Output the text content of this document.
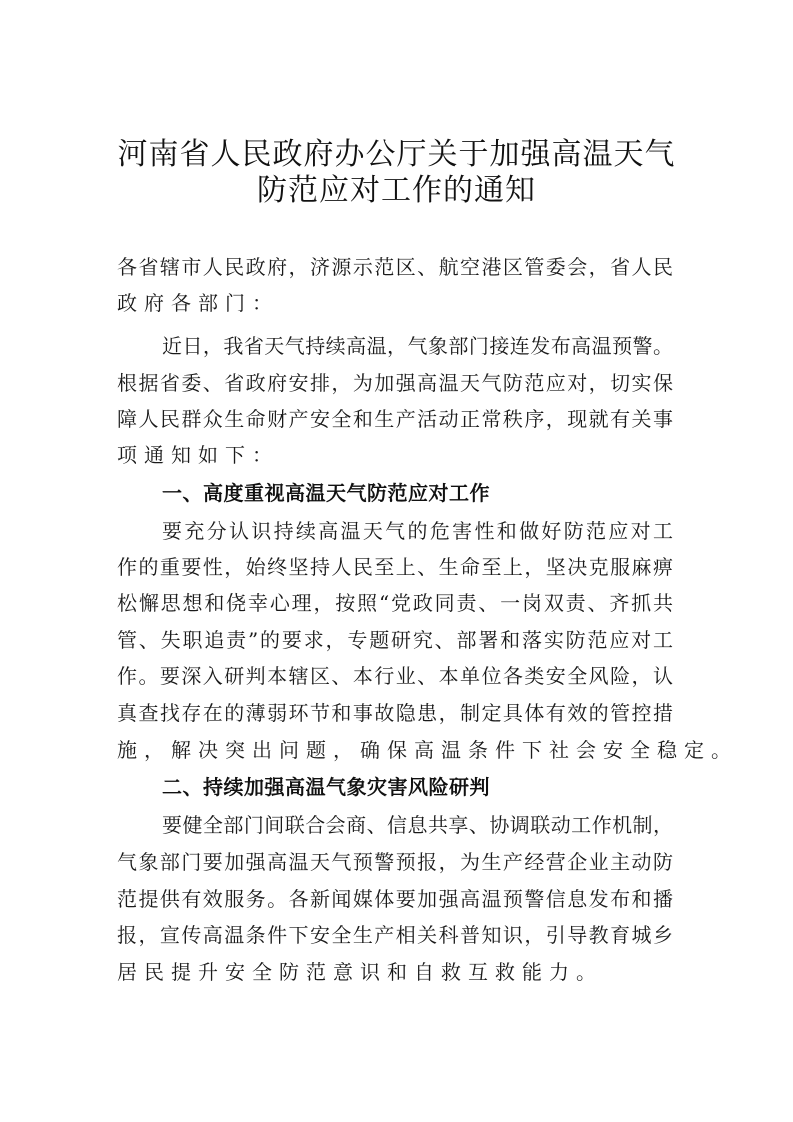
河南省人民政府办公厅关于加强高温天气
防范应对工作的通知
各省辖市人民政府，济源示范区、航空港区管委会，省人民
政府各部门：
近日，我省天气持续高温，气象部门接连发布高温预警。
根据省委、省政府安排，为加强高温天气防范应对，切实保
障人民群众生命财产安全和生产活动正常秩序，现就有关事
项通知如下：
一、高度重视高温天气防范应对工作
要充分认识持续高温天气的危害性和做好防范应对工
作的重要性，始终坚持人民至上、生命至上，坚决克服麻痹
松懈思想和侥幸心理，按照“党政同责、一岗双责、齐抓共
管、失职追责”的要求，专题研究、部署和落实防范应对工
作。要深入研判本辖区、本行业、本单位各类安全风险，认
真查找存在的薄弱环节和事故隐患，制定具体有效的管控措
施，解决突出问题，确保高温条件下社会安全稳定。
二、持续加强高温气象灾害风险研判
要健全部门间联合会商、信息共享、协调联动工作机制，
气象部门要加强高温天气预警预报，为生产经营企业主动防
范提供有效服务。各新闻媒体要加强高温预警信息发布和播
报，宣传高温条件下安全生产相关科普知识，引导教育城乡
居民提升安全防范意识和自救互救能力。
